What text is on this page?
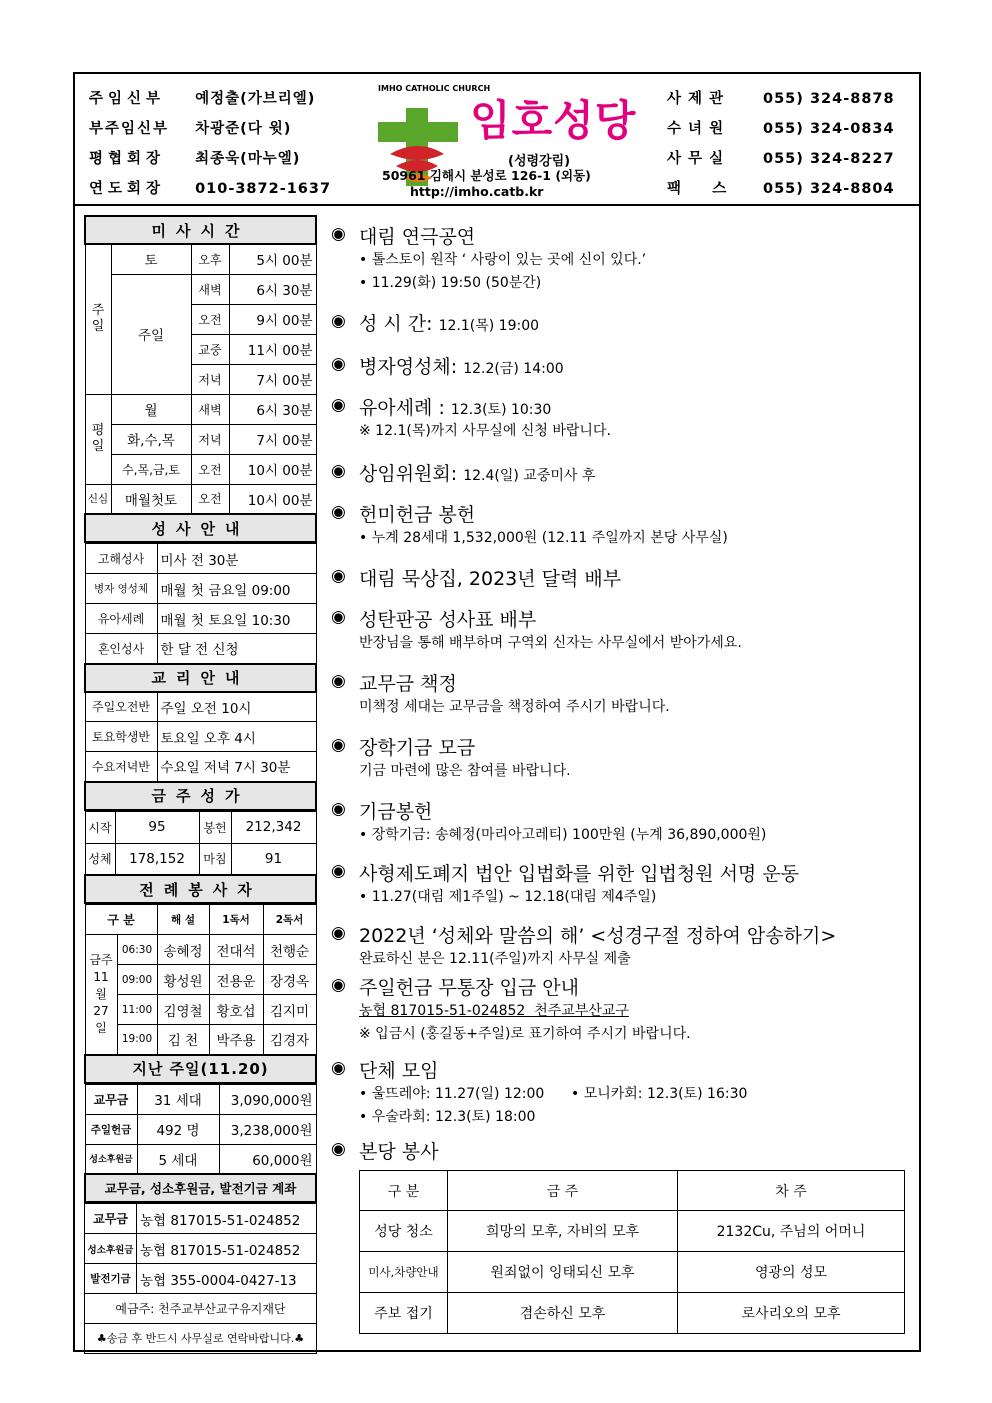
주임신부 예정출(가브리엘)
부주임신부 차광준(다 윗)
평협회장 최종욱(마누엘)
연도회장 010-3872-1637
IMHO CATHOLIC CHURCH
임호성당
(성령강림)
50961 김해시 분성로 126-1 (외동)
http://imho.catb.kr
사 제 관	055) 324-8878
수 녀 원	055) 324-0834
사 무 실	055) 324-8227
팩     스 055) 324-8804
미사시간			
주일	토	오후	5시 00분
	주일	새벽	6시 30분
		오전	9시 00분
		교중	11시 00분
		저녁	7시 00분
평일	월	새벽	6시 30분
	화,수,목	저녁	7시 00분
	수,목,금,토	오전	10시 00분
신심	매월첫토	오전	10시 00분
성사안내			
고해성사	미사 전 30분
병자 영성체	매월 첫 금요일 09:00
유아세례	매월 첫 토요일 10:30
혼인성사	한 달 전 신청
교리안내	
주일오전반	주일 오전 10시
토요학생반	토요일 오후 4시
수요저녁반	수요일 저녁 7시 30분
금주성가	
시작	95	봉헌	212,342
성체	178,152	마침	91
전례봉사자			
구 분		해 설	1독서	2독서
금주 11월 27일	06:30	송혜정	전대석	천행순
	09:00	황성원	전용운	장경옥
	11:00	김영철	황호섭	김지미
	19:00	김 천	박주용	김경자
지난 주일(11.20)				
교무금	31 세대	3,090,000원
주일헌금	492 명	3,238,000원
성소후원금	5 세대	60,000원
교무금, 성소후원금, 발전기금 계좌		
교무금	농협 817015-51-024852
성소후원금	농협 817015-51-024852
발전기금	농협 355-0004-0427-13
예금주: 천주교부산교구유지재단
♣송금 후 반드시 사무실로 연락바랍니다.♣
◉ 대림 연극공연
• 톨스토이 원작 ‘ 사랑이 있는 곳에 신이 있다.’
• 11.29(화) 19:50 (50분간)
◉ 성 시 간: 12.1(목) 19:00
◉ 병자영성체: 12.2(금) 14:00
◉ 유아세례 : 12.3(토) 10:30
※ 12.1(목)까지 사무실에 신청 바랍니다.
◉ 상임위원회: 12.4(일) 교중미사 후
◉ 헌미헌금 봉헌
• 누계 28세대 1,532,000원 (12.11 주일까지 본당 사무실)
◉ 대림 묵상집, 2023년 달력 배부
◉ 성탄판공 성사표 배부
반장님을 통해 배부하며 구역외 신자는 사무실에서 받아가세요.
◉ 교무금 책정
미책정 세대는 교무금을 책정하여 주시기 바랍니다.
◉ 장학기금 모금
기금 마련에 많은 참여를 바랍니다.
◉ 기금봉헌
• 장학기금: 송혜정(마리아고레티) 100만원 (누계 36,890,000원)
◉ 사형제도폐지 법안 입법화를 위한 입법청원 서명 운동
• 11.27(대림 제1주일) ~ 12.18(대림 제4주일)
◉ 2022년 ‘성체와 말씀의 해’ <성경구절 정하여 암송하기>
완료하신 분은 12.11(주일)까지 사무실 제출
◉ 주일헌금 무통장 입금 안내
농협 817015-51-024852  천주교부산교구
※ 입금시 (홍길동+주일)로 표기하여 주시기 바랍니다.
◉ 단체 모임
• 울뜨레야: 11.27(일) 12:00      • 모니카회: 12.3(토) 16:30
• 우술라회: 12.3(토) 18:00
◉ 본당 봉사
구 분	금 주	차 주
성당 청소	희망의 모후, 자비의 모후	2132Cu, 주님의 어머니
미사,차량안내	원죄없이 잉태되신 모후	영광의 성모
주보 접기	겸손하신 모후	로사리오의 모후
